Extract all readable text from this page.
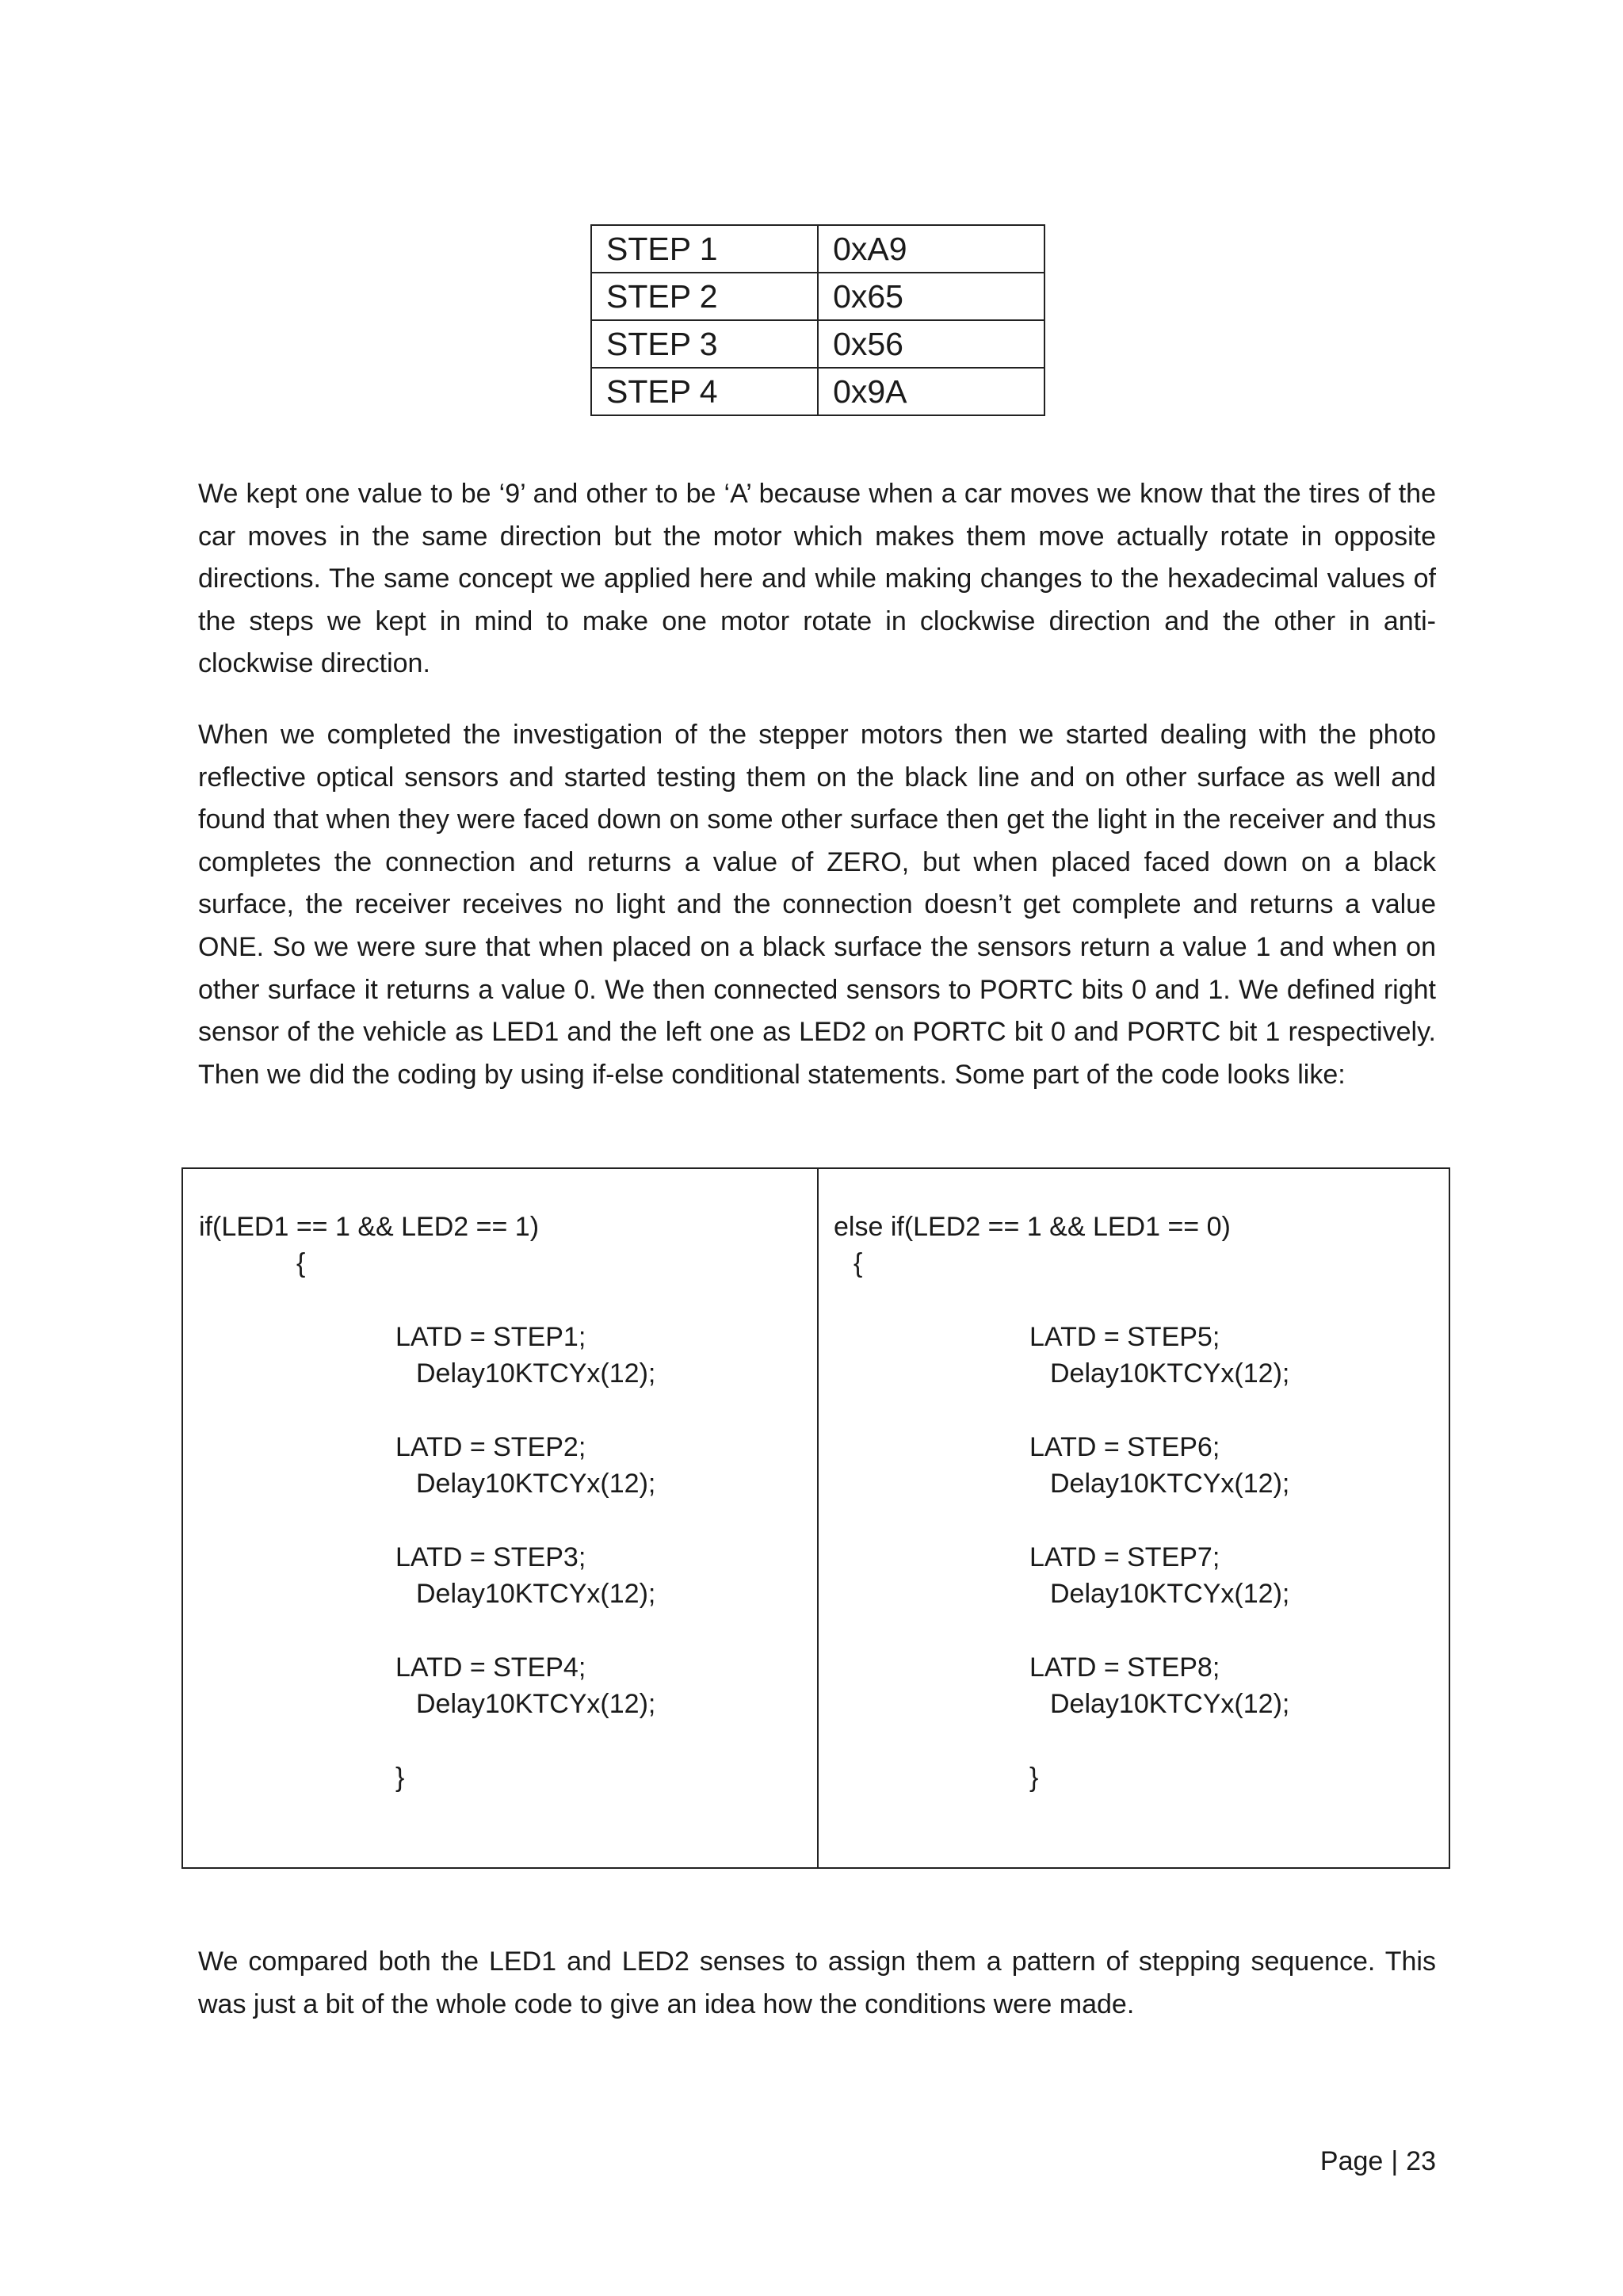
STEP 1	0xA9
STEP 2	0x65
STEP 3	0x56
STEP 4	0x9A

We kept one value to be ‘9’ and other to be ‘A’ because when a car moves we know that the tires of the car moves in the same direction but the motor which makes them move actually rotate in opposite directions. The same concept we applied here and while making changes to the hexadecimal values of the steps we kept in mind to make one motor rotate in clockwise direction and the other in anti-clockwise direction.

When we completed the investigation of the stepper motors then we started dealing with the photo reflective optical sensors and started testing them on the black line and on other surface as well and found that when they were faced down on some other surface then get the light in the receiver and thus completes the connection and returns a value of ZERO, but when placed faced down on a black surface, the receiver receives no light and the connection doesn’t get complete and returns a value ONE. So we were sure that when placed on a black surface the sensors return a value 1 and when on other surface it returns a value 0. We then connected sensors to PORTC bits 0 and 1. We defined right sensor of the vehicle as LED1 and the left one as LED2 on PORTC bit 0 and PORTC bit 1 respectively. Then we did the coding by using if-else conditional statements. Some part of the code looks like:

if(LED1 == 1 && LED2 == 1)
{
LATD = STEP1;
Delay10KTCYx(12);
LATD = STEP2;
Delay10KTCYx(12);
LATD = STEP3;
Delay10KTCYx(12);
LATD = STEP4;
Delay10KTCYx(12);
}
else if(LED2 == 1 && LED1 == 0)
{
LATD = STEP5;
Delay10KTCYx(12);
LATD = STEP6;
Delay10KTCYx(12);
LATD = STEP7;
Delay10KTCYx(12);
LATD = STEP8;
Delay10KTCYx(12);
}

We compared both the LED1 and LED2 senses to assign them a pattern of stepping sequence. This was just a bit of the whole code to give an idea how the conditions were made.

Page | 23
